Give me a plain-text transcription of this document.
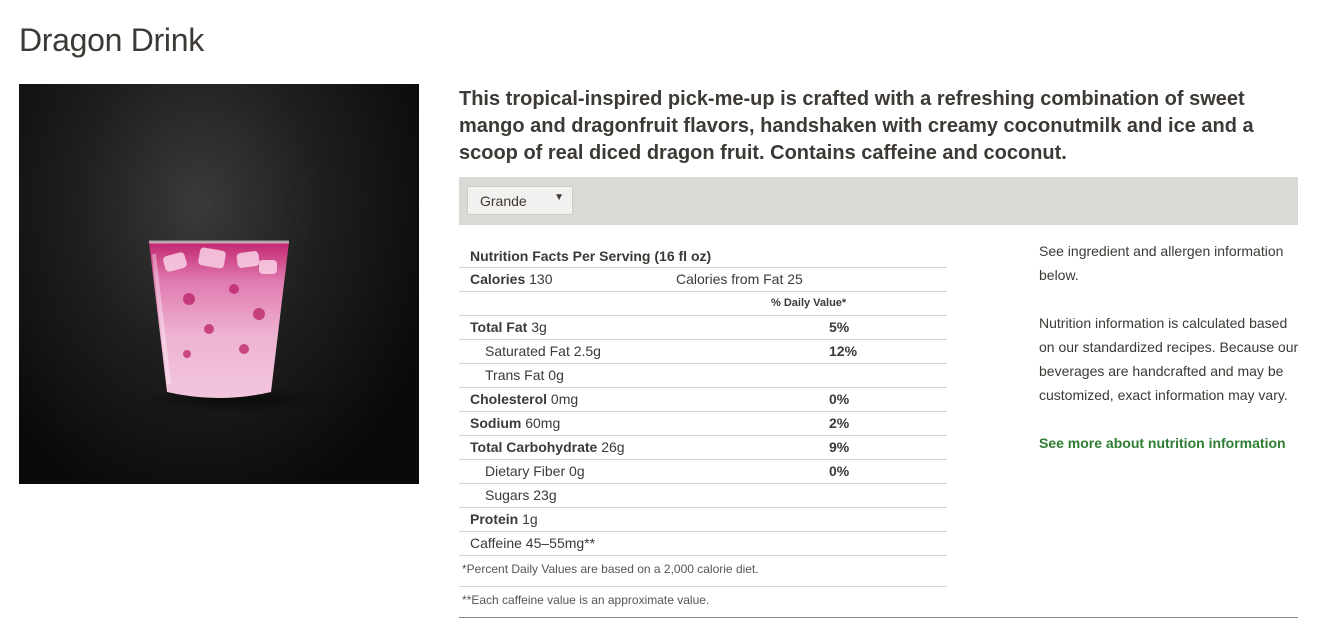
Dragon Drink

This tropical-inspired pick-me-up is crafted with a refreshing combination of sweet mango and dragonfruit flavors, handshaken with creamy coconutmilk and ice and a scoop of real diced dragon fruit. Contains caffeine and coconut.

Grande	▼
Nutrition Facts Per Serving (16 fl oz)
Calories 130	Calories from Fat 25
% Daily Value*
Total Fat 3g	5%
Saturated Fat 2.5g	12%
Trans Fat 0g
Cholesterol 0mg	0%
Sodium 60mg	2%
Total Carbohydrate 26g	9%
Dietary Fiber 0g	0%
Sugars 23g
Protein 1g
Caffeine 45–55mg**
*Percent Daily Values are based on a 2,000 calorie diet.
**Each caffeine value is an approximate value.

See ingredient and allergen information below.

Nutrition information is calculated based on our standardized recipes. Because our beverages are handcrafted and may be customized, exact information may vary.

See more about nutrition information
